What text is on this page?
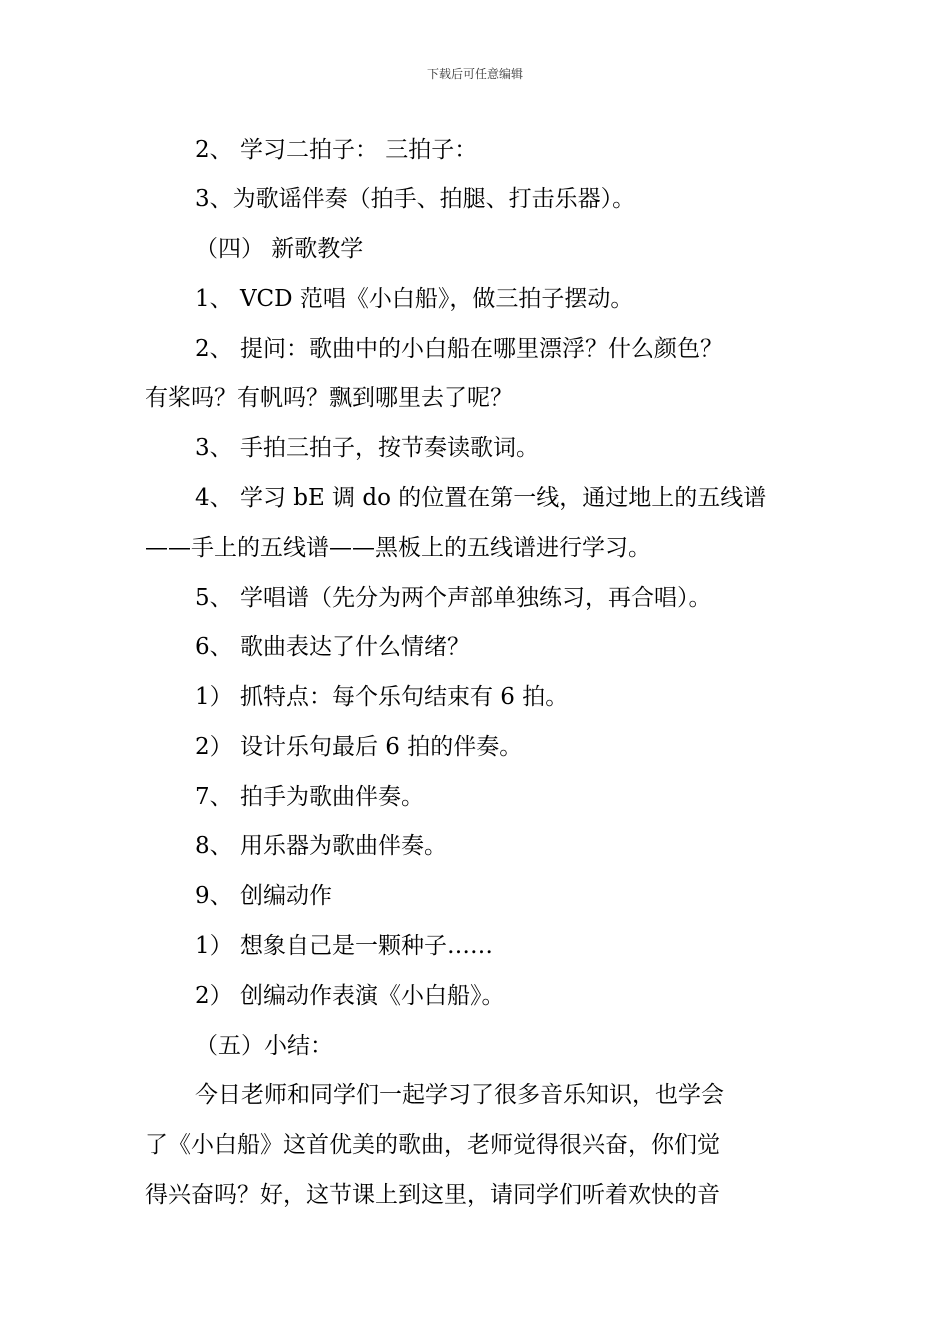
下载后可任意编辑
2、 学习二拍子： 三拍子：
3、为歌谣伴奏（拍手、拍腿、打击乐器）。
（四） 新歌教学
1、 VCD 范唱《小白船》，做三拍子摆动。
2、 提问：歌曲中的小白船在哪里漂浮？什么颜色？
有桨吗？有帆吗？飘到哪里去了呢？
3、 手拍三拍子，按节奏读歌词。
4、 学习 bE 调 do 的位置在第一线，通过地上的五线谱
——手上的五线谱——黑板上的五线谱进行学习。
5、 学唱谱（先分为两个声部单独练习，再合唱）。
6、 歌曲表达了什么情绪？
1） 抓特点：每个乐句结束有 6 拍。
2） 设计乐句最后 6 拍的伴奏。
7、 拍手为歌曲伴奏。
8、 用乐器为歌曲伴奏。
9、 创编动作
1） 想象自己是一颗种子……
2） 创编动作表演《小白船》。
（五）小结：
今日老师和同学们一起学习了很多音乐知识，也学会
了《小白船》这首优美的歌曲，老师觉得很兴奋，你们觉
得兴奋吗？好，这节课上到这里，请同学们听着欢快的音
